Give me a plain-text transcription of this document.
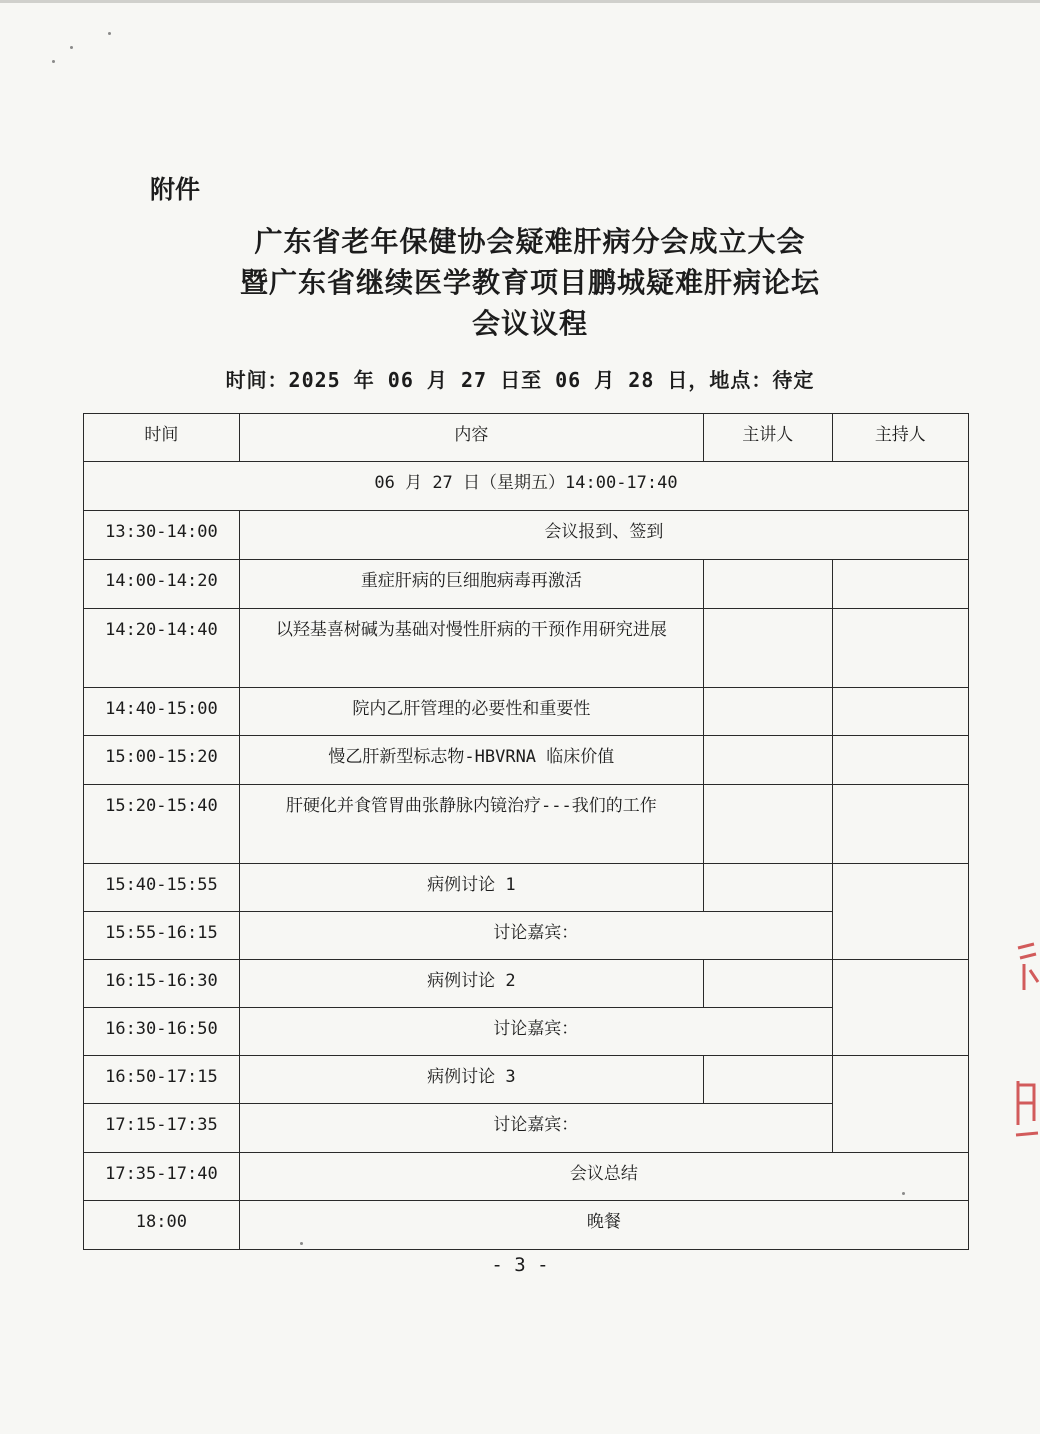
附件
广东省老年保健协会疑难肝病分会成立大会
暨广东省继续医学教育项目鹏城疑难肝病论坛
会议议程
时间：2025 年 06 月 27 日至 06 月 28 日，地点：待定
时间	内容	主讲人	主持人
06 月 27 日（星期五）14:00-17:40			
13:30-14:00	会议报到、签到		
14:00-14:20	重症肝病的巨细胞病毒再激活		
14:20-14:40	以羟基喜树碱为基础对慢性肝病的干预作用研究进展		
14:40-15:00	院内乙肝管理的必要性和重要性		
15:00-15:20	慢乙肝新型标志物-HBVRNA 临床价值		
15:20-15:40	肝硬化并食管胃曲张静脉内镜治疗---我们的工作		
15:40-15:55	病例讨论 1		
15:55-16:15	讨论嘉宾：		
16:15-16:30	病例讨论 2		
16:30-16:50	讨论嘉宾：		
16:50-17:15	病例讨论 3		
17:15-17:35	讨论嘉宾：		
17:35-17:40	会议总结		
18:00	晚餐		
- 3 -
